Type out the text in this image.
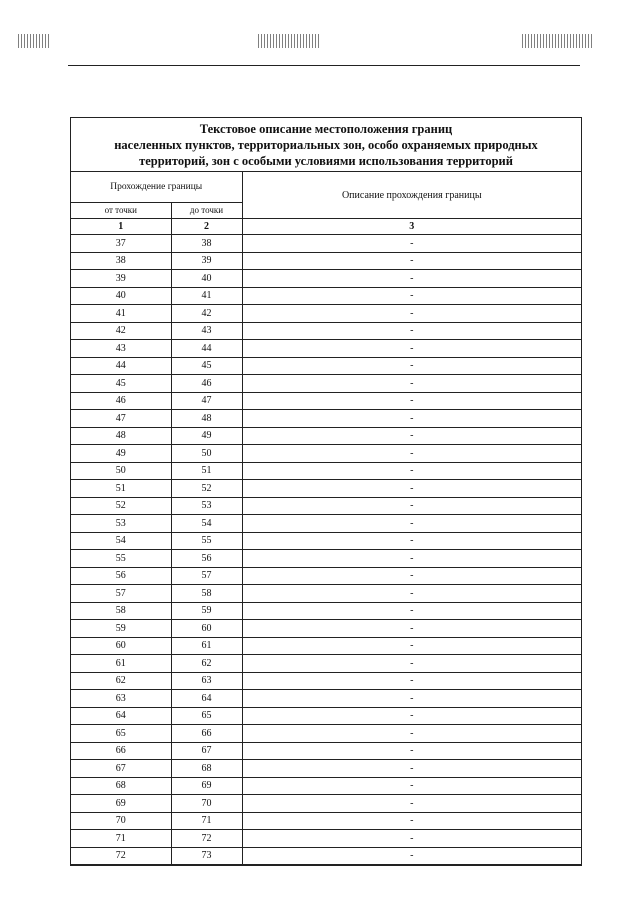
Текстовое описание местоположения границ
населенных пунктов, территориальных зон, особо охраняемых природных
территорий, зон с особыми условиями использования территорий
Прохождение границы		Описание прохождения границы
от точки	до точки	
1	2	3
37	38	-
38	39	-
39	40	-
40	41	-
41	42	-
42	43	-
43	44	-
44	45	-
45	46	-
46	47	-
47	48	-
48	49	-
49	50	-
50	51	-
51	52	-
52	53	-
53	54	-
54	55	-
55	56	-
56	57	-
57	58	-
58	59	-
59	60	-
60	61	-
61	62	-
62	63	-
63	64	-
64	65	-
65	66	-
66	67	-
67	68	-
68	69	-
69	70	-
70	71	-
71	72	-
72	73	-
